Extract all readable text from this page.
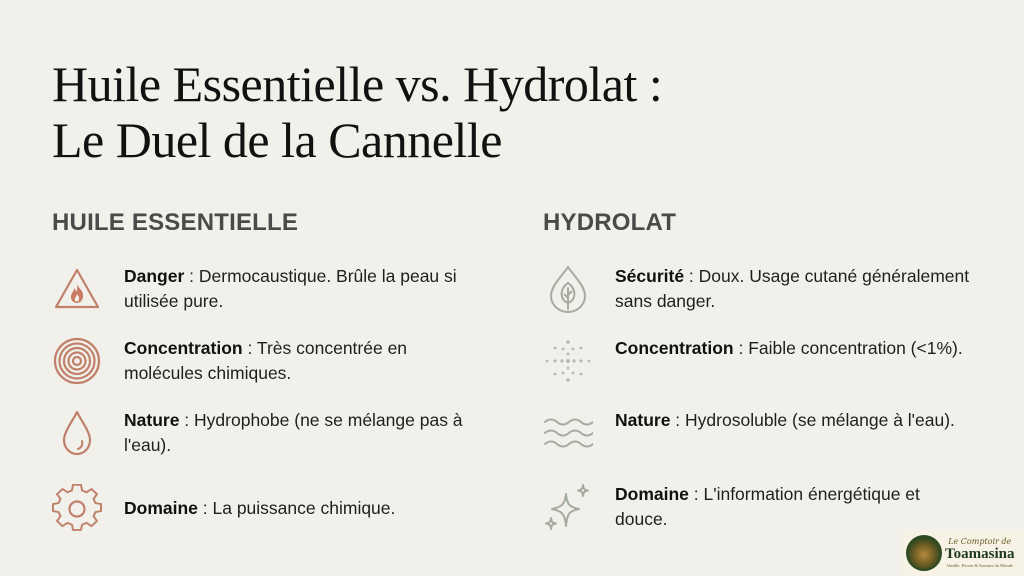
Huile Essentielle vs. Hydrolat :
Le Duel de la Cannelle
HUILE ESSENTIELLE
Danger : Dermocaustique. Brûle la peau si utilisée pure.
Concentration : Très concentrée en molécules chimiques.
Nature : Hydrophobe (ne se mélange pas à l'eau).
Domaine : La puissance chimique.
HYDROLAT
Sécurité : Doux. Usage cutané généralement sans danger.
Concentration : Faible concentration (<1%).
Nature : Hydrosoluble (se mélange à l'eau).
Domaine : L'information énergétique et douce.
Le Comptoir de
Toamasina
Vanille, Poivre & Saveurs du Monde
